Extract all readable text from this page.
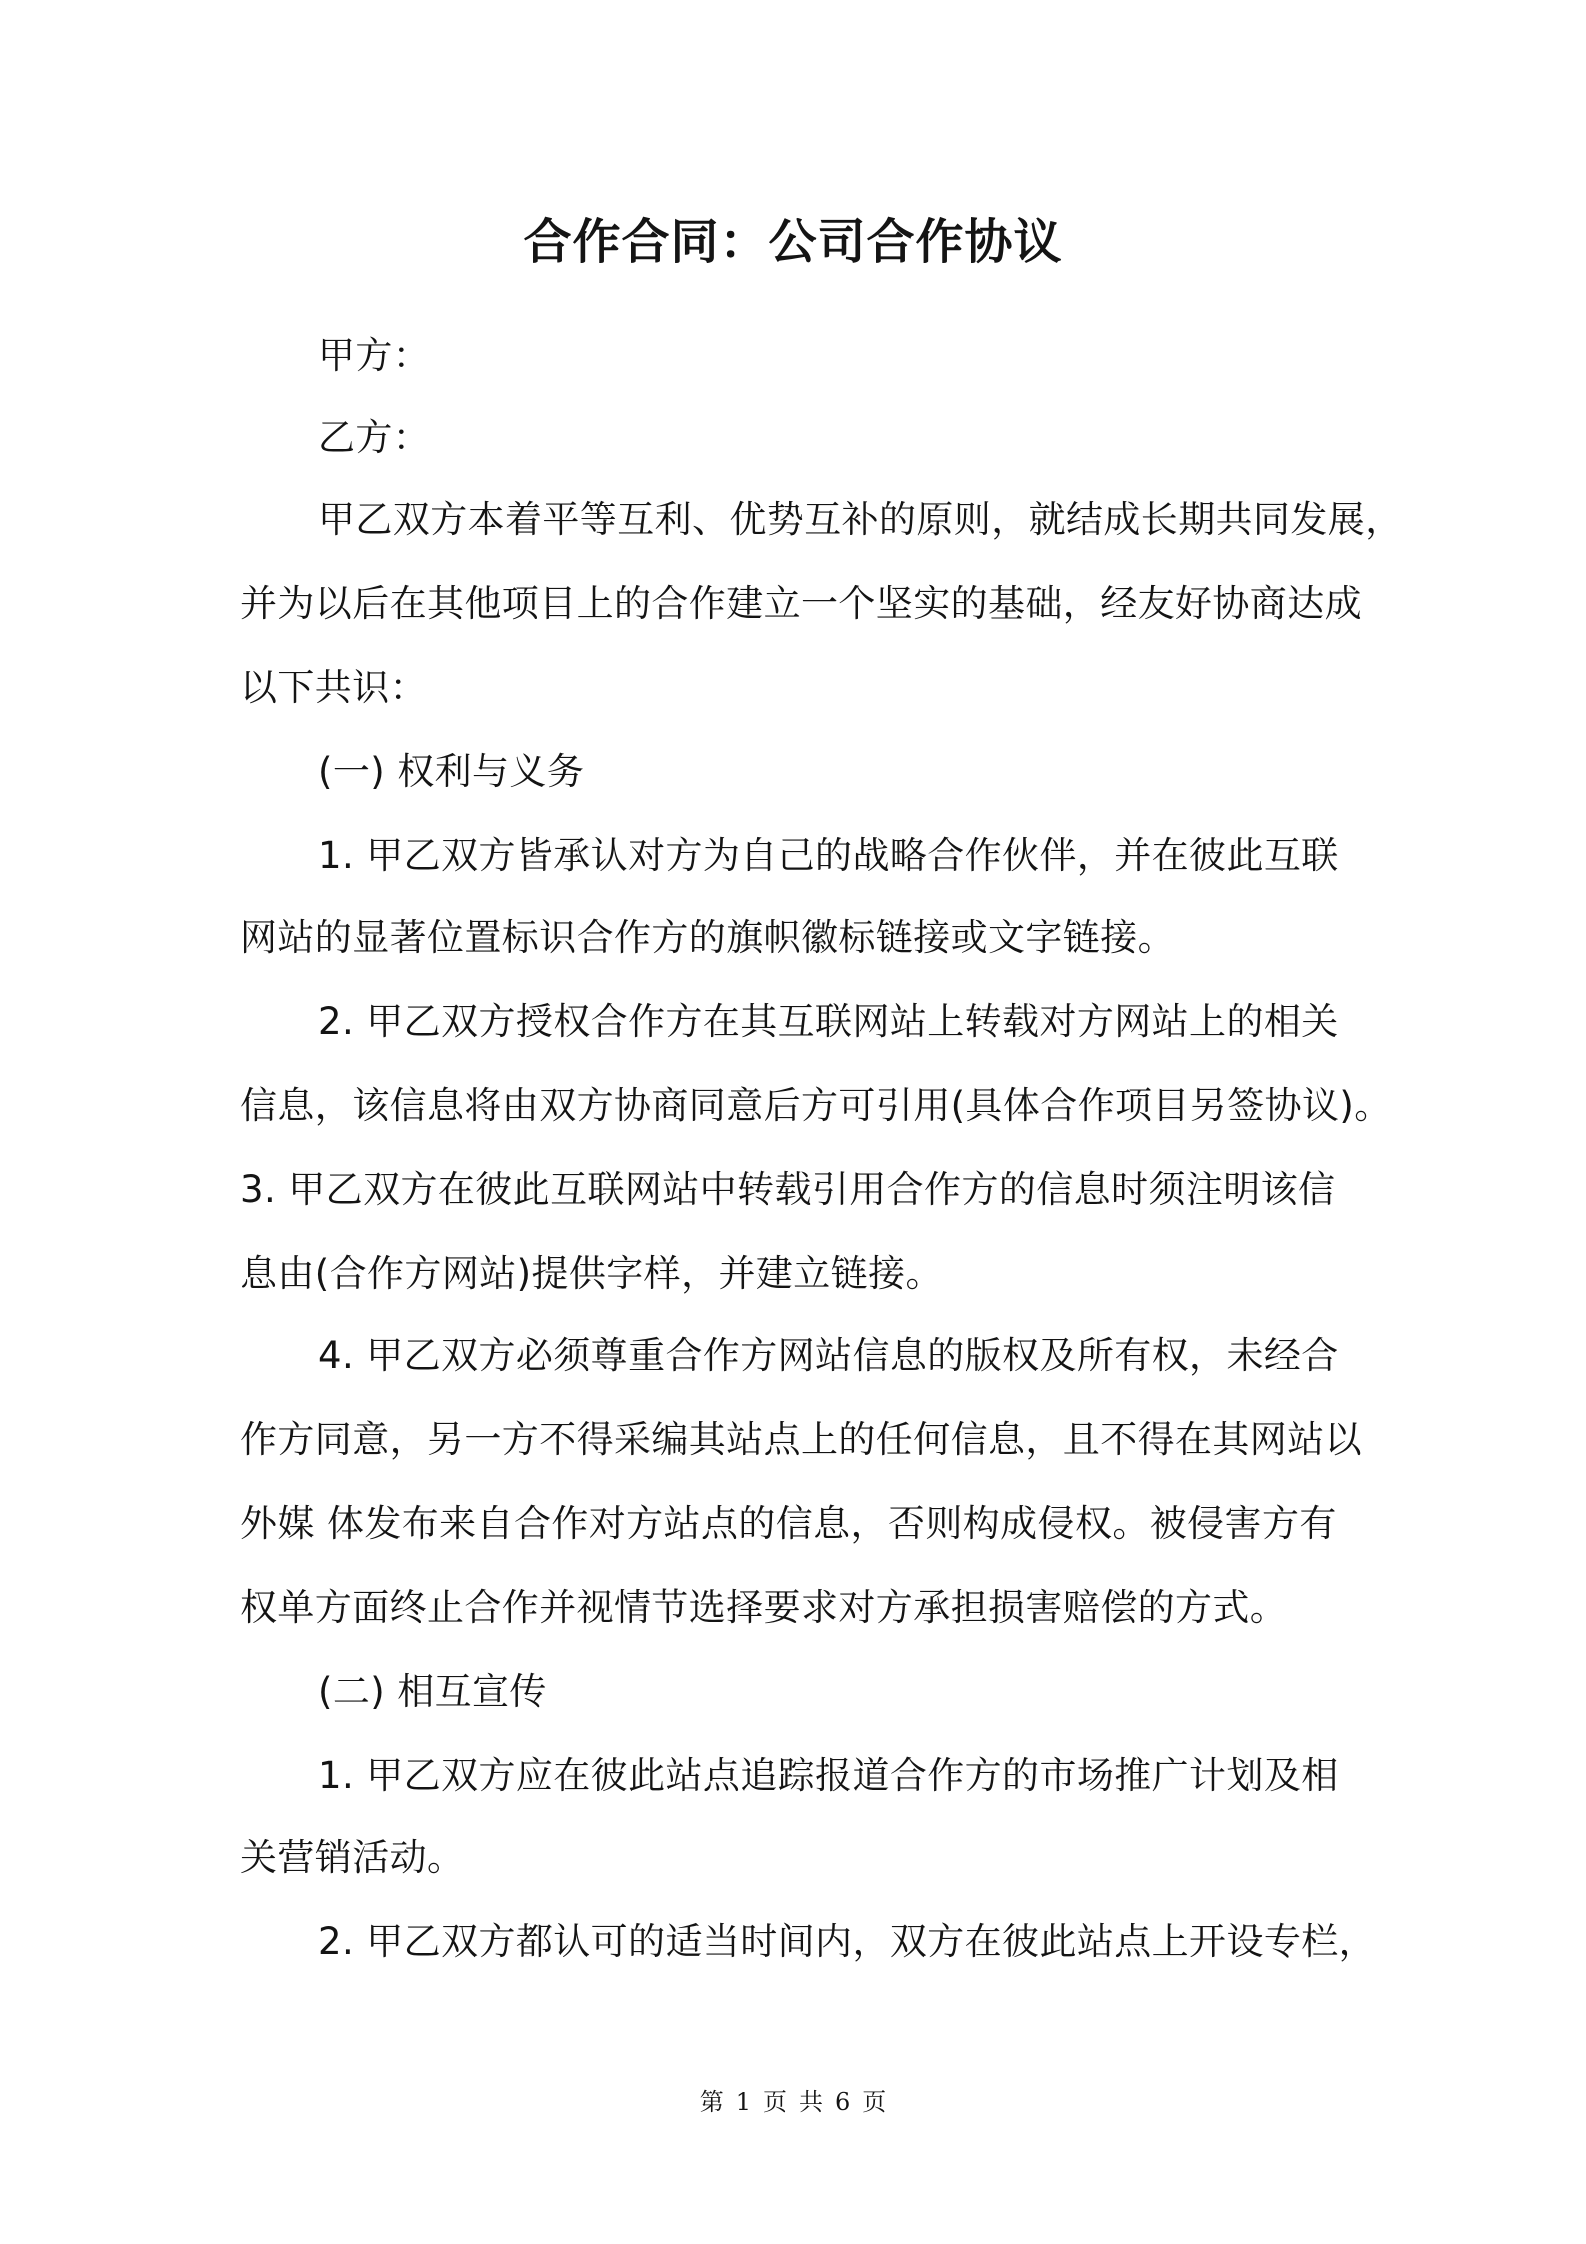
合作合同：公司合作协议
甲方：
乙方：
甲乙双方本着平等互利、优势互补的原则，就结成长期共同发展，
并为以后在其他项目上的合作建立一个坚实的基础，经友好协商达成
以下共识：
(一) 权利与义务
1. 甲乙双方皆承认对方为自己的战略合作伙伴，并在彼此互联
网站的显著位置标识合作方的旗帜徽标链接或文字链接。
2. 甲乙双方授权合作方在其互联网站上转载对方网站上的相关
信息，该信息将由双方协商同意后方可引用(具体合作项目另签协议)。
3. 甲乙双方在彼此互联网站中转载引用合作方的信息时须注明该信
息由(合作方网站)提供字样，并建立链接。
4. 甲乙双方必须尊重合作方网站信息的版权及所有权，未经合
作方同意，另一方不得采编其站点上的任何信息，且不得在其网站以
外媒 体发布来自合作对方站点的信息，否则构成侵权。被侵害方有
权单方面终止合作并视情节选择要求对方承担损害赔偿的方式。
(二) 相互宣传
1. 甲乙双方应在彼此站点追踪报道合作方的市场推广计划及相
关营销活动。
2. 甲乙双方都认可的适当时间内，双方在彼此站点上开设专栏，
第 1 页 共 6 页
